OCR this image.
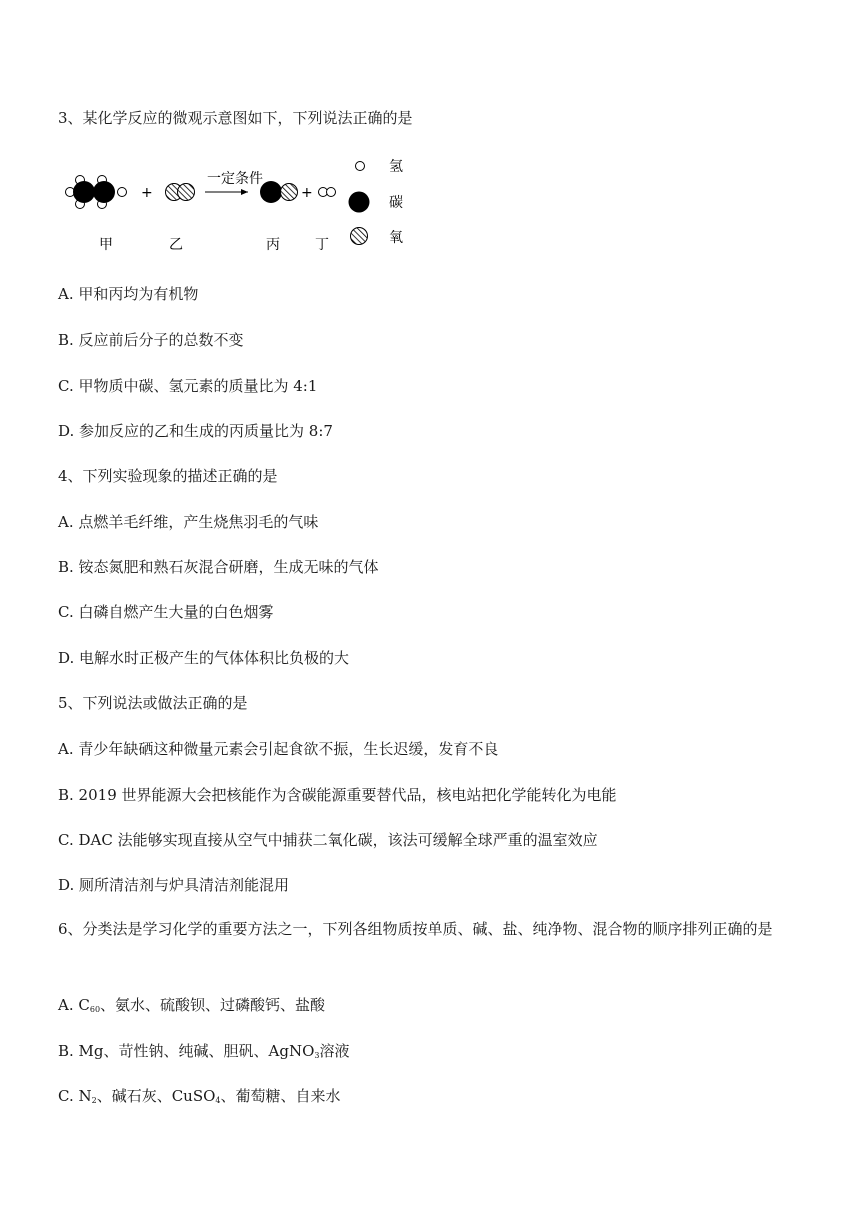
3、某化学反应的微观示意图如下，下列说法正确的是
+
一定条件
+
氢
碳
氧
甲	乙	丙	丁
A. 甲和丙均为有机物
B. 反应前后分子的总数不变
C. 甲物质中碳、氢元素的质量比为 4:1
D. 参加反应的乙和生成的丙质量比为 8:7
4、下列实验现象的描述正确的是
A. 点燃羊毛纤维，产生烧焦羽毛的气味
B. 铵态氮肥和熟石灰混合研磨，生成无味的气体
C. 白磷自燃产生大量的白色烟雾
D. 电解水时正极产生的气体体积比负极的大
5、下列说法或做法正确的是
A. 青少年缺硒这种微量元素会引起食欲不振，生长迟缓，发育不良
B. 2019 世界能源大会把核能作为含碳能源重要替代品，核电站把化学能转化为电能
C. DAC 法能够实现直接从空气中捕获二氧化碳，该法可缓解全球严重的温室效应
D. 厕所清洁剂与炉具清洁剂能混用
6、分类法是学习化学的重要方法之一，下列各组物质按单质、碱、盐、纯净物、混合物的顺序排列正确的是
A. $C_{60}$、氨水、硫酸钡、过磷酸钙、盐酸
B. Mg、苛性钠、纯碱、胆矾、AgNO$_3$溶液
C. $N_2$、碱石灰、CuSO$_4$、葡萄糖、自来水
